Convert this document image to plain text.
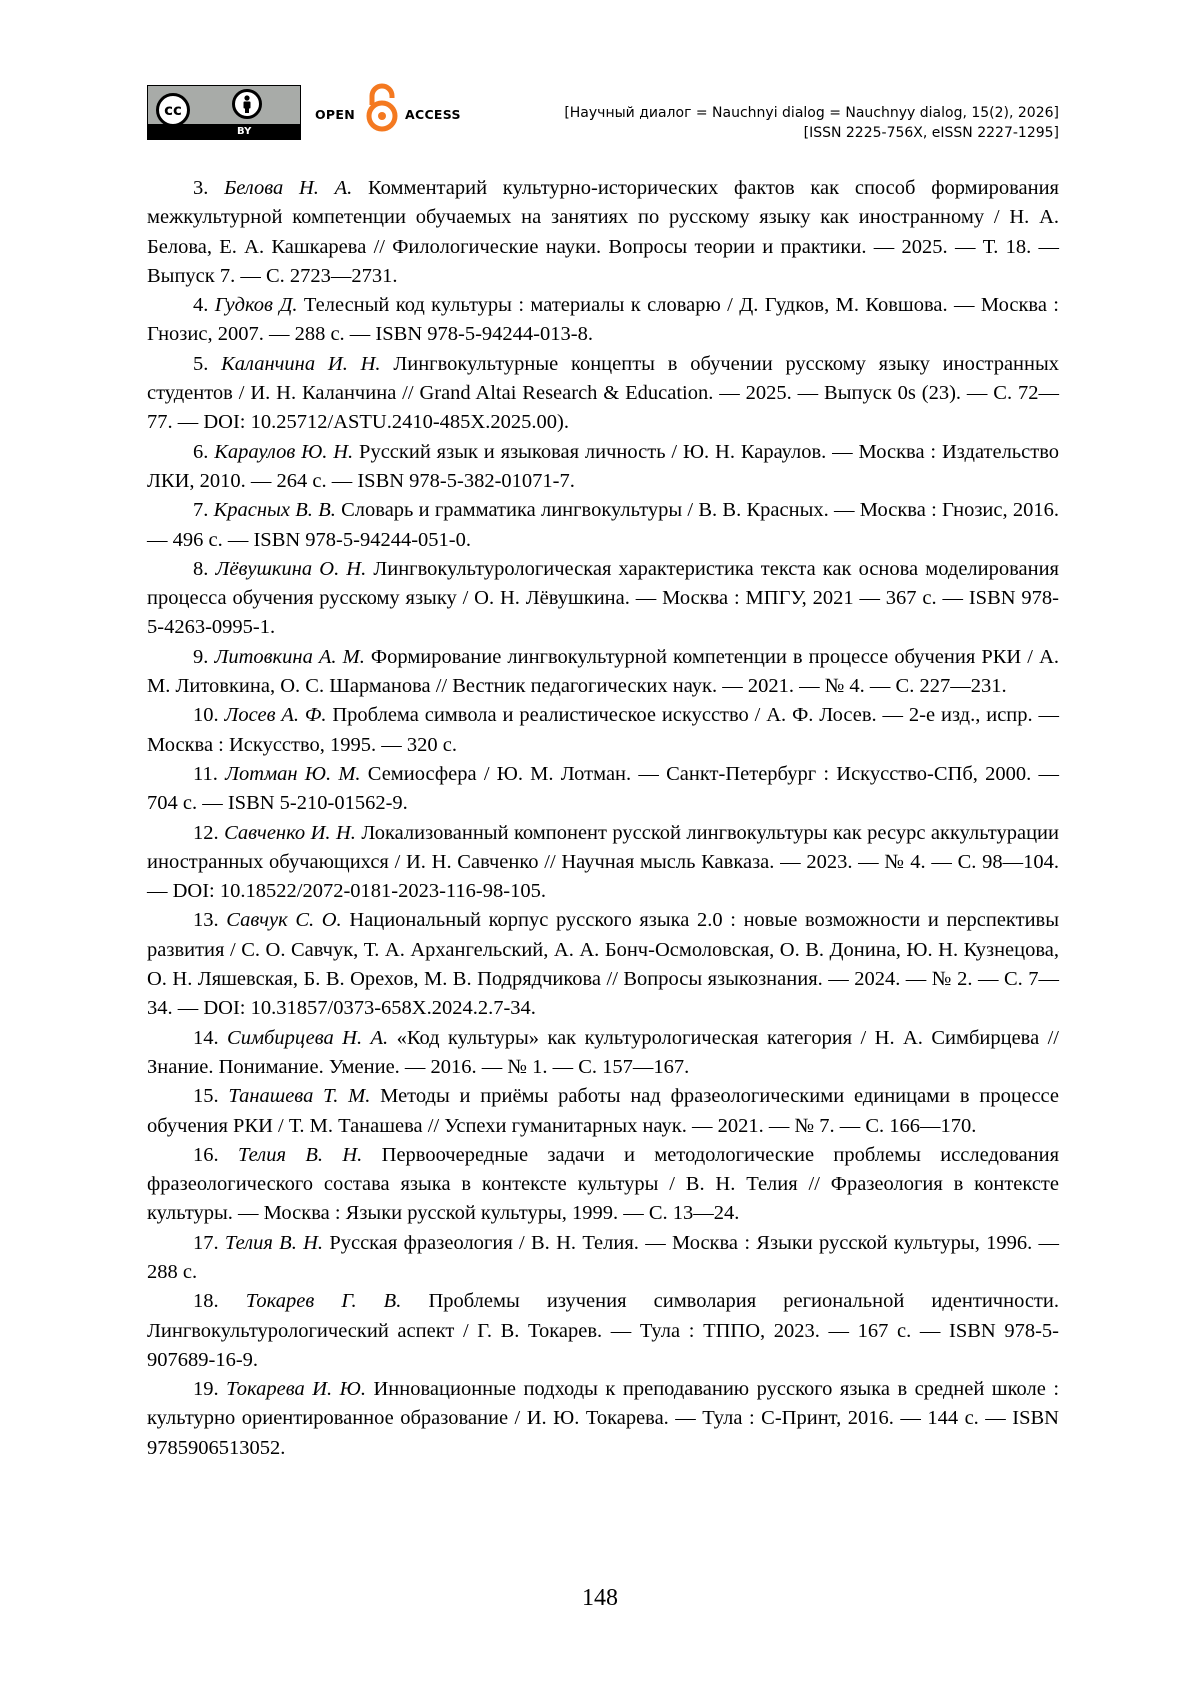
cc
BY
OPEN	ACCESS	[Научный диалог = Nauchnyi dialog = Nauchnyy dialog, 15(2), 2026]
[ISSN 2225-756X, eISSN 2227-1295]

3. Белова Н. А. Комментарий культурно-исторических фактов как способ формирования межкультурной компетенции обучаемых на занятиях по русскому языку как иностранному / Н. А. Белова, Е. А. Кашкарева // Филологические науки. Вопросы теории и практики. — 2025. — Т. 18. — Выпуск 7. — С. 2723—2731.

4. Гудков Д. Телесный код культуры : материалы к словарю / Д. Гудков, М. Ковшова. — Москва : Гнозис, 2007. — 288 с. — ISBN 978-5-94244-013-8.

5. Каланчина И. Н. Лингвокультурные концепты в обучении русскому языку иностранных студентов / И. Н. Каланчина // Grand Altai Research & Education. — 2025. — Выпуск 0s (23). — С. 72—77. — DOI: 10.25712/ASTU.2410-485X.2025.00).

6. Караулов Ю. Н. Русский язык и языковая личность / Ю. Н. Караулов. — Москва : Издательство ЛКИ, 2010. — 264 с. — ISBN 978-5-382-01071-7.

7. Красных В. В. Словарь и грамматика лингвокультуры / В. В. Красных. — Москва : Гнозис, 2016. — 496 с. — ISBN 978-5-94244-051-0.

8. Лёвушкина О. Н. Лингвокультурологическая характеристика текста как основа моделирования процесса обучения русскому языку / О. Н. Лёвушкина. — Москва : МПГУ, 2021 — 367 с. — ISBN 978-5-4263-0995-1.

9. Литовкина А. М. Формирование лингвокультурной компетенции в процессе обучения РКИ / А. М. Литовкина, О. С. Шарманова // Вестник педагогических наук. — 2021. — № 4. — С. 227—231.

10. Лосев А. Ф. Проблема символа и реалистическое искусство / А. Ф. Лосев. — 2-е изд., испр. — Москва : Искусство, 1995. — 320 с.

11. Лотман Ю. М. Семиосфера / Ю. М. Лотман. — Санкт-Петербург : Искусство-СПб, 2000. — 704 с. — ISBN 5-210-01562-9.

12. Савченко И. Н. Локализованный компонент русской лингвокультуры как ресурс аккультурации иностранных обучающихся / И. Н. Савченко // Научная мысль Кавказа. — 2023. — № 4. — С. 98—104. — DOI: 10.18522/2072-0181-2023-116-98-105.

13. Савчук С. О. Национальный корпус русского языка 2.0 : новые возможности и перспективы развития / С. О. Савчук, Т. А. Архангельский, А. А. Бонч-Осмоловская, О. В. Донина, Ю. Н. Кузнецова, О. Н. Ляшевская, Б. В. Орехов, М. В. Подрядчикова // Вопросы языкознания. — 2024. — № 2. — С. 7—34. — DOI: 10.31857/0373-658X.2024.2.7-34.

14. Симбирцева Н. А. «Код культуры» как культурологическая категория / Н. А. Симбирцева // Знание. Понимание. Умение. — 2016. — № 1. — С. 157—167.

15. Танашева Т. М. Методы и приёмы работы над фразеологическими единицами в процессе обучения РКИ / Т. М. Танашева // Успехи гуманитарных наук. — 2021. — № 7. — С. 166—170.

16. Телия В. Н. Первоочередные задачи и методологические проблемы исследования фразеологического состава языка в контексте культуры / В. Н. Телия // Фразеология в контексте культуры. — Москва : Языки русской культуры, 1999. — С. 13—24.

17. Телия В. Н. Русская фразеология / В. Н. Телия. — Москва : Языки русской культуры, 1996. — 288 с.

18. Токарев Г. В. Проблемы изучения символария региональной идентичности. Лингвокультурологический аспект / Г. В. Токарев. — Тула : ТППО, 2023. — 167 с. — ISBN 978-5-907689-16-9.

19. Токарева И. Ю. Инновационные подходы к преподаванию русского языка в средней школе : культурно ориентированное образование / И. Ю. Токарева. — Тула : С-Принт, 2016. — 144 с. — ISBN 9785906513052.

148
